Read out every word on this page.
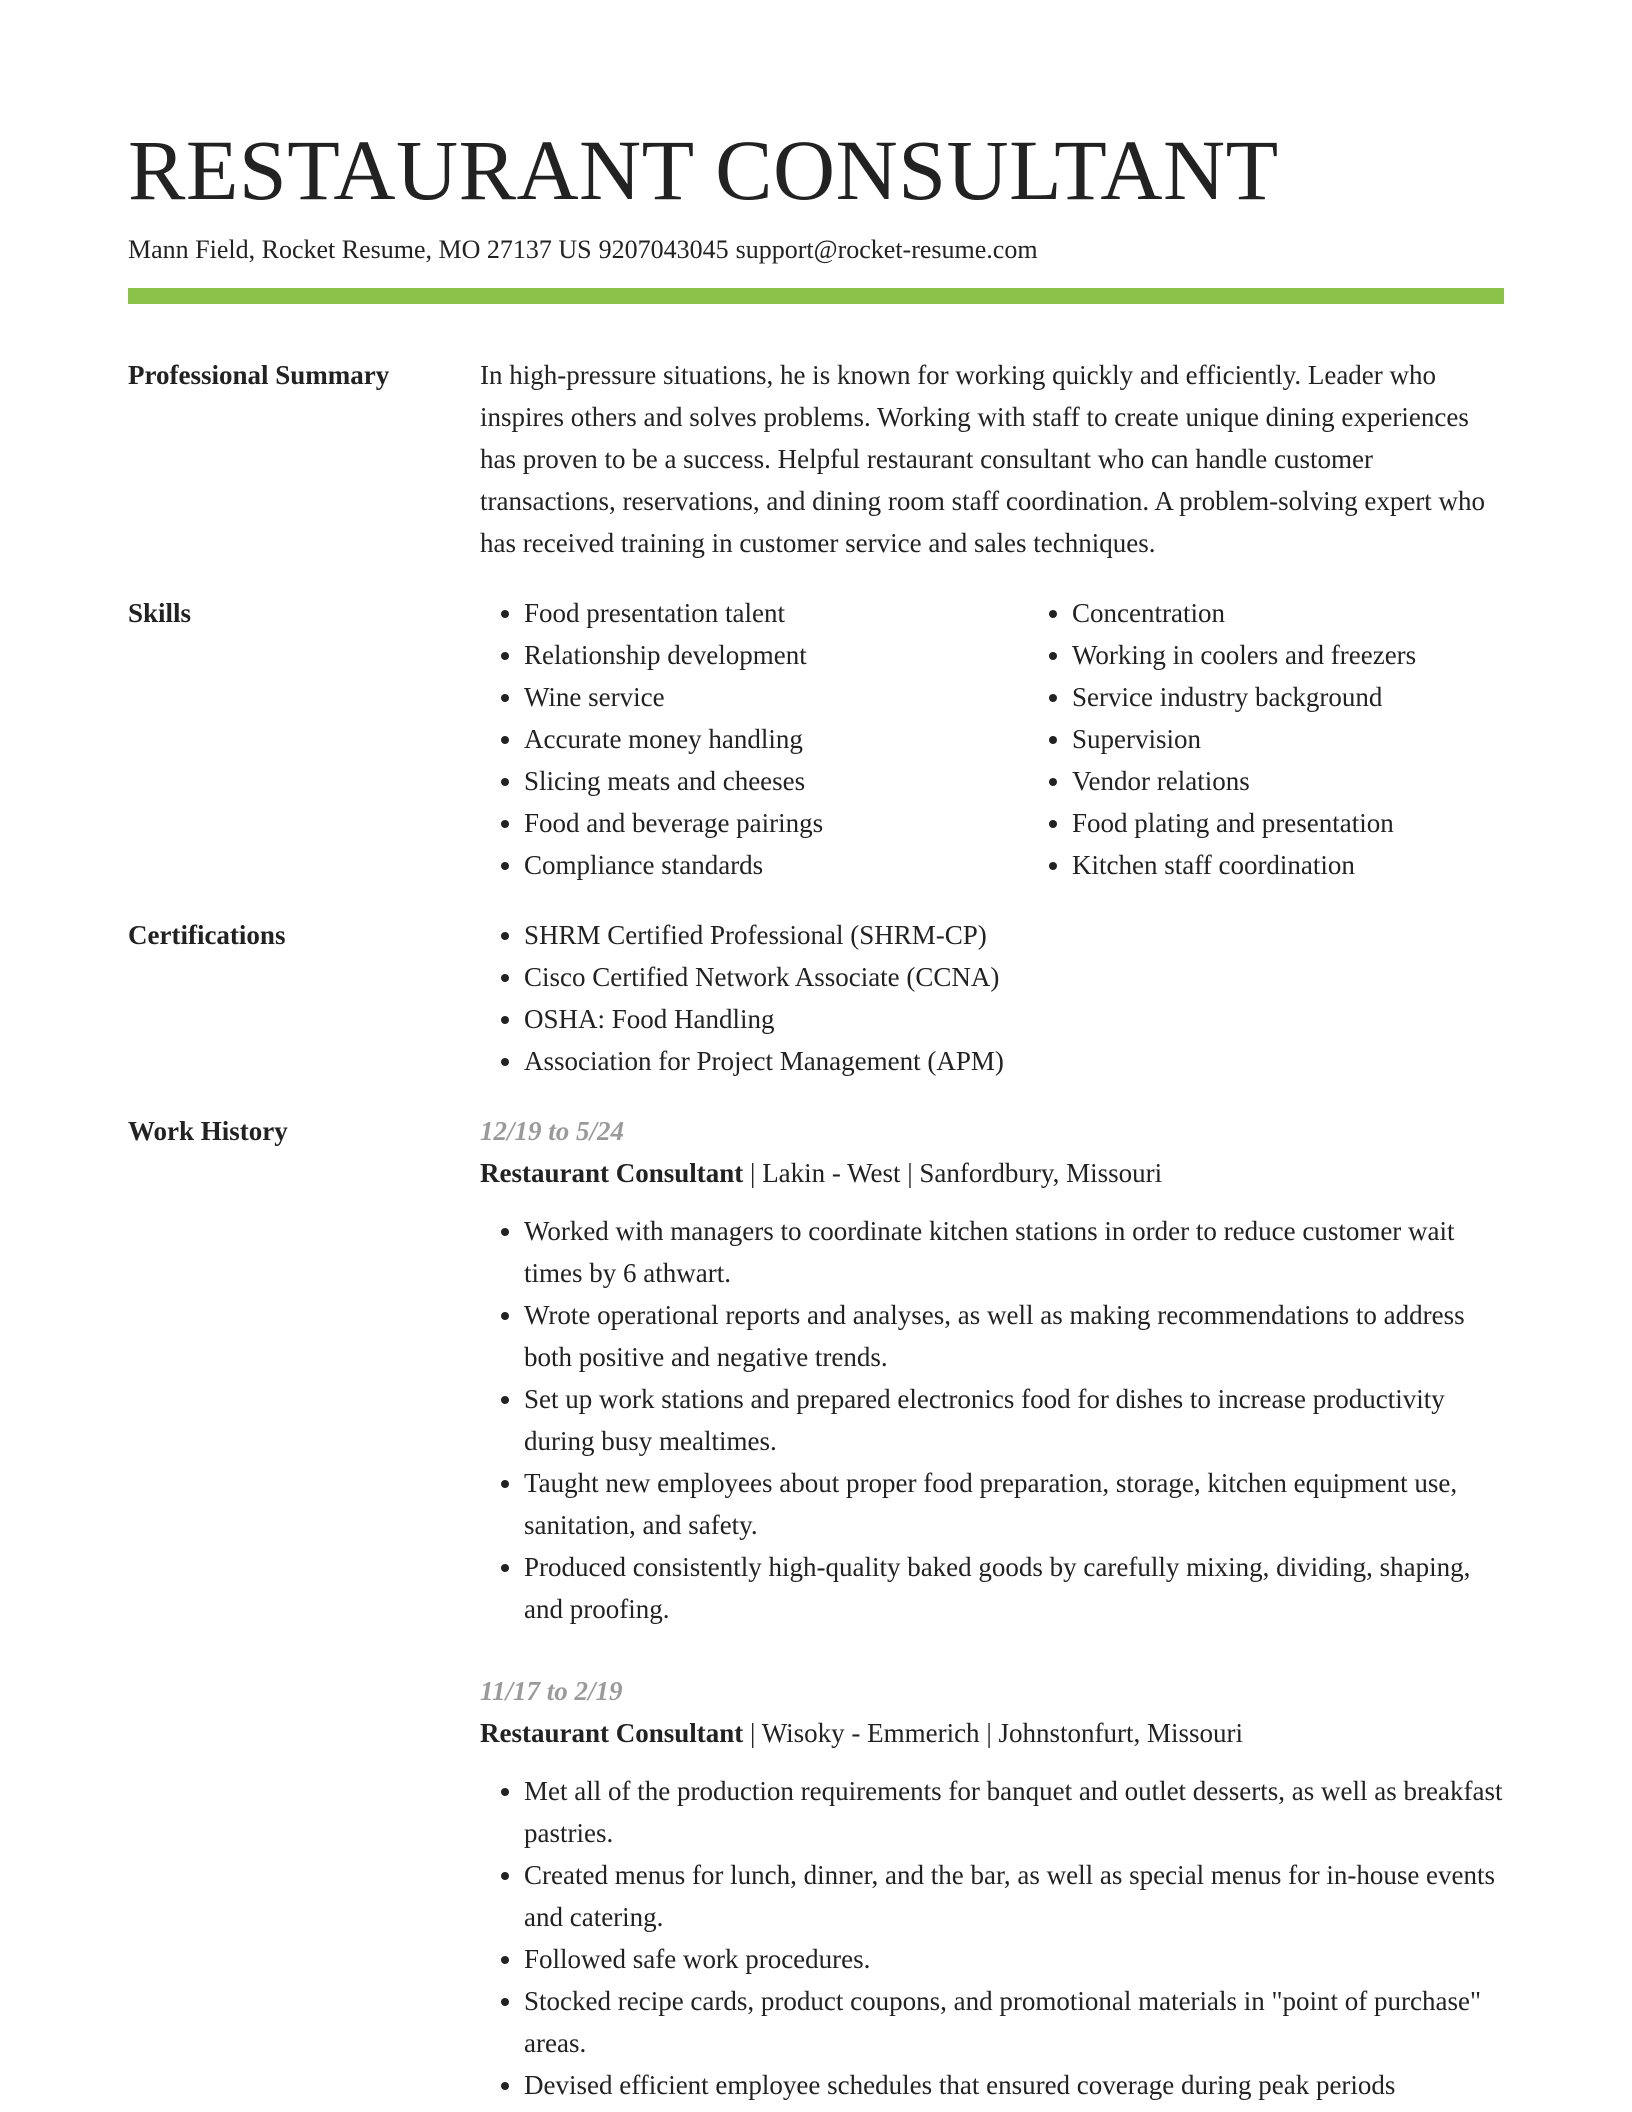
RESTAURANT CONSULTANT
Mann Field, Rocket Resume, MO 27137 US 9207043045 support@rocket-resume.com
Professional Summary	In high-pressure situations, he is known for working quickly and efficiently. Leader who inspires others and solves problems. Working with staff to create unique dining experiences has proven to be a success. Helpful restaurant consultant who can handle customer transactions, reservations, and dining room staff coordination. A problem-solving expert who has received training in customer service and sales techniques.

Skills	• Food presentation talent
• Relationship development
• Wine service
• Accurate money handling
• Slicing meats and cheeses
• Food and beverage pairings
• Compliance standards
• Concentration
• Working in coolers and freezers
• Service industry background
• Supervision
• Vendor relations
• Food plating and presentation
• Kitchen staff coordination
Certifications	• SHRM Certified Professional (SHRM-CP)
• Cisco Certified Network Associate (CCNA)
• OSHA: Food Handling
• Association for Project Management (APM)
Work History	12/19 to 5/24
Restaurant Consultant | Lakin - West | Sanfordbury, Missouri
• Worked with managers to coordinate kitchen stations in order to reduce customer wait times by 6 athwart.
• Wrote operational reports and analyses, as well as making recommendations to address both positive and negative trends.
• Set up work stations and prepared electronics food for dishes to increase productivity during busy mealtimes.
• Taught new employees about proper food preparation, storage, kitchen equipment use, sanitation, and safety.
• Produced consistently high-quality baked goods by carefully mixing, dividing, shaping, and proofing.
11/17 to 2/19
Restaurant Consultant | Wisoky - Emmerich | Johnstonfurt, Missouri
• Met all of the production requirements for banquet and outlet desserts, as well as breakfast pastries.
• Created menus for lunch, dinner, and the bar, as well as special menus for in-house events and catering.
• Followed safe work procedures.
• Stocked recipe cards, product coupons, and promotional materials in "point of purchase" areas.
• Devised efficient employee schedules that ensured coverage during peak periods
